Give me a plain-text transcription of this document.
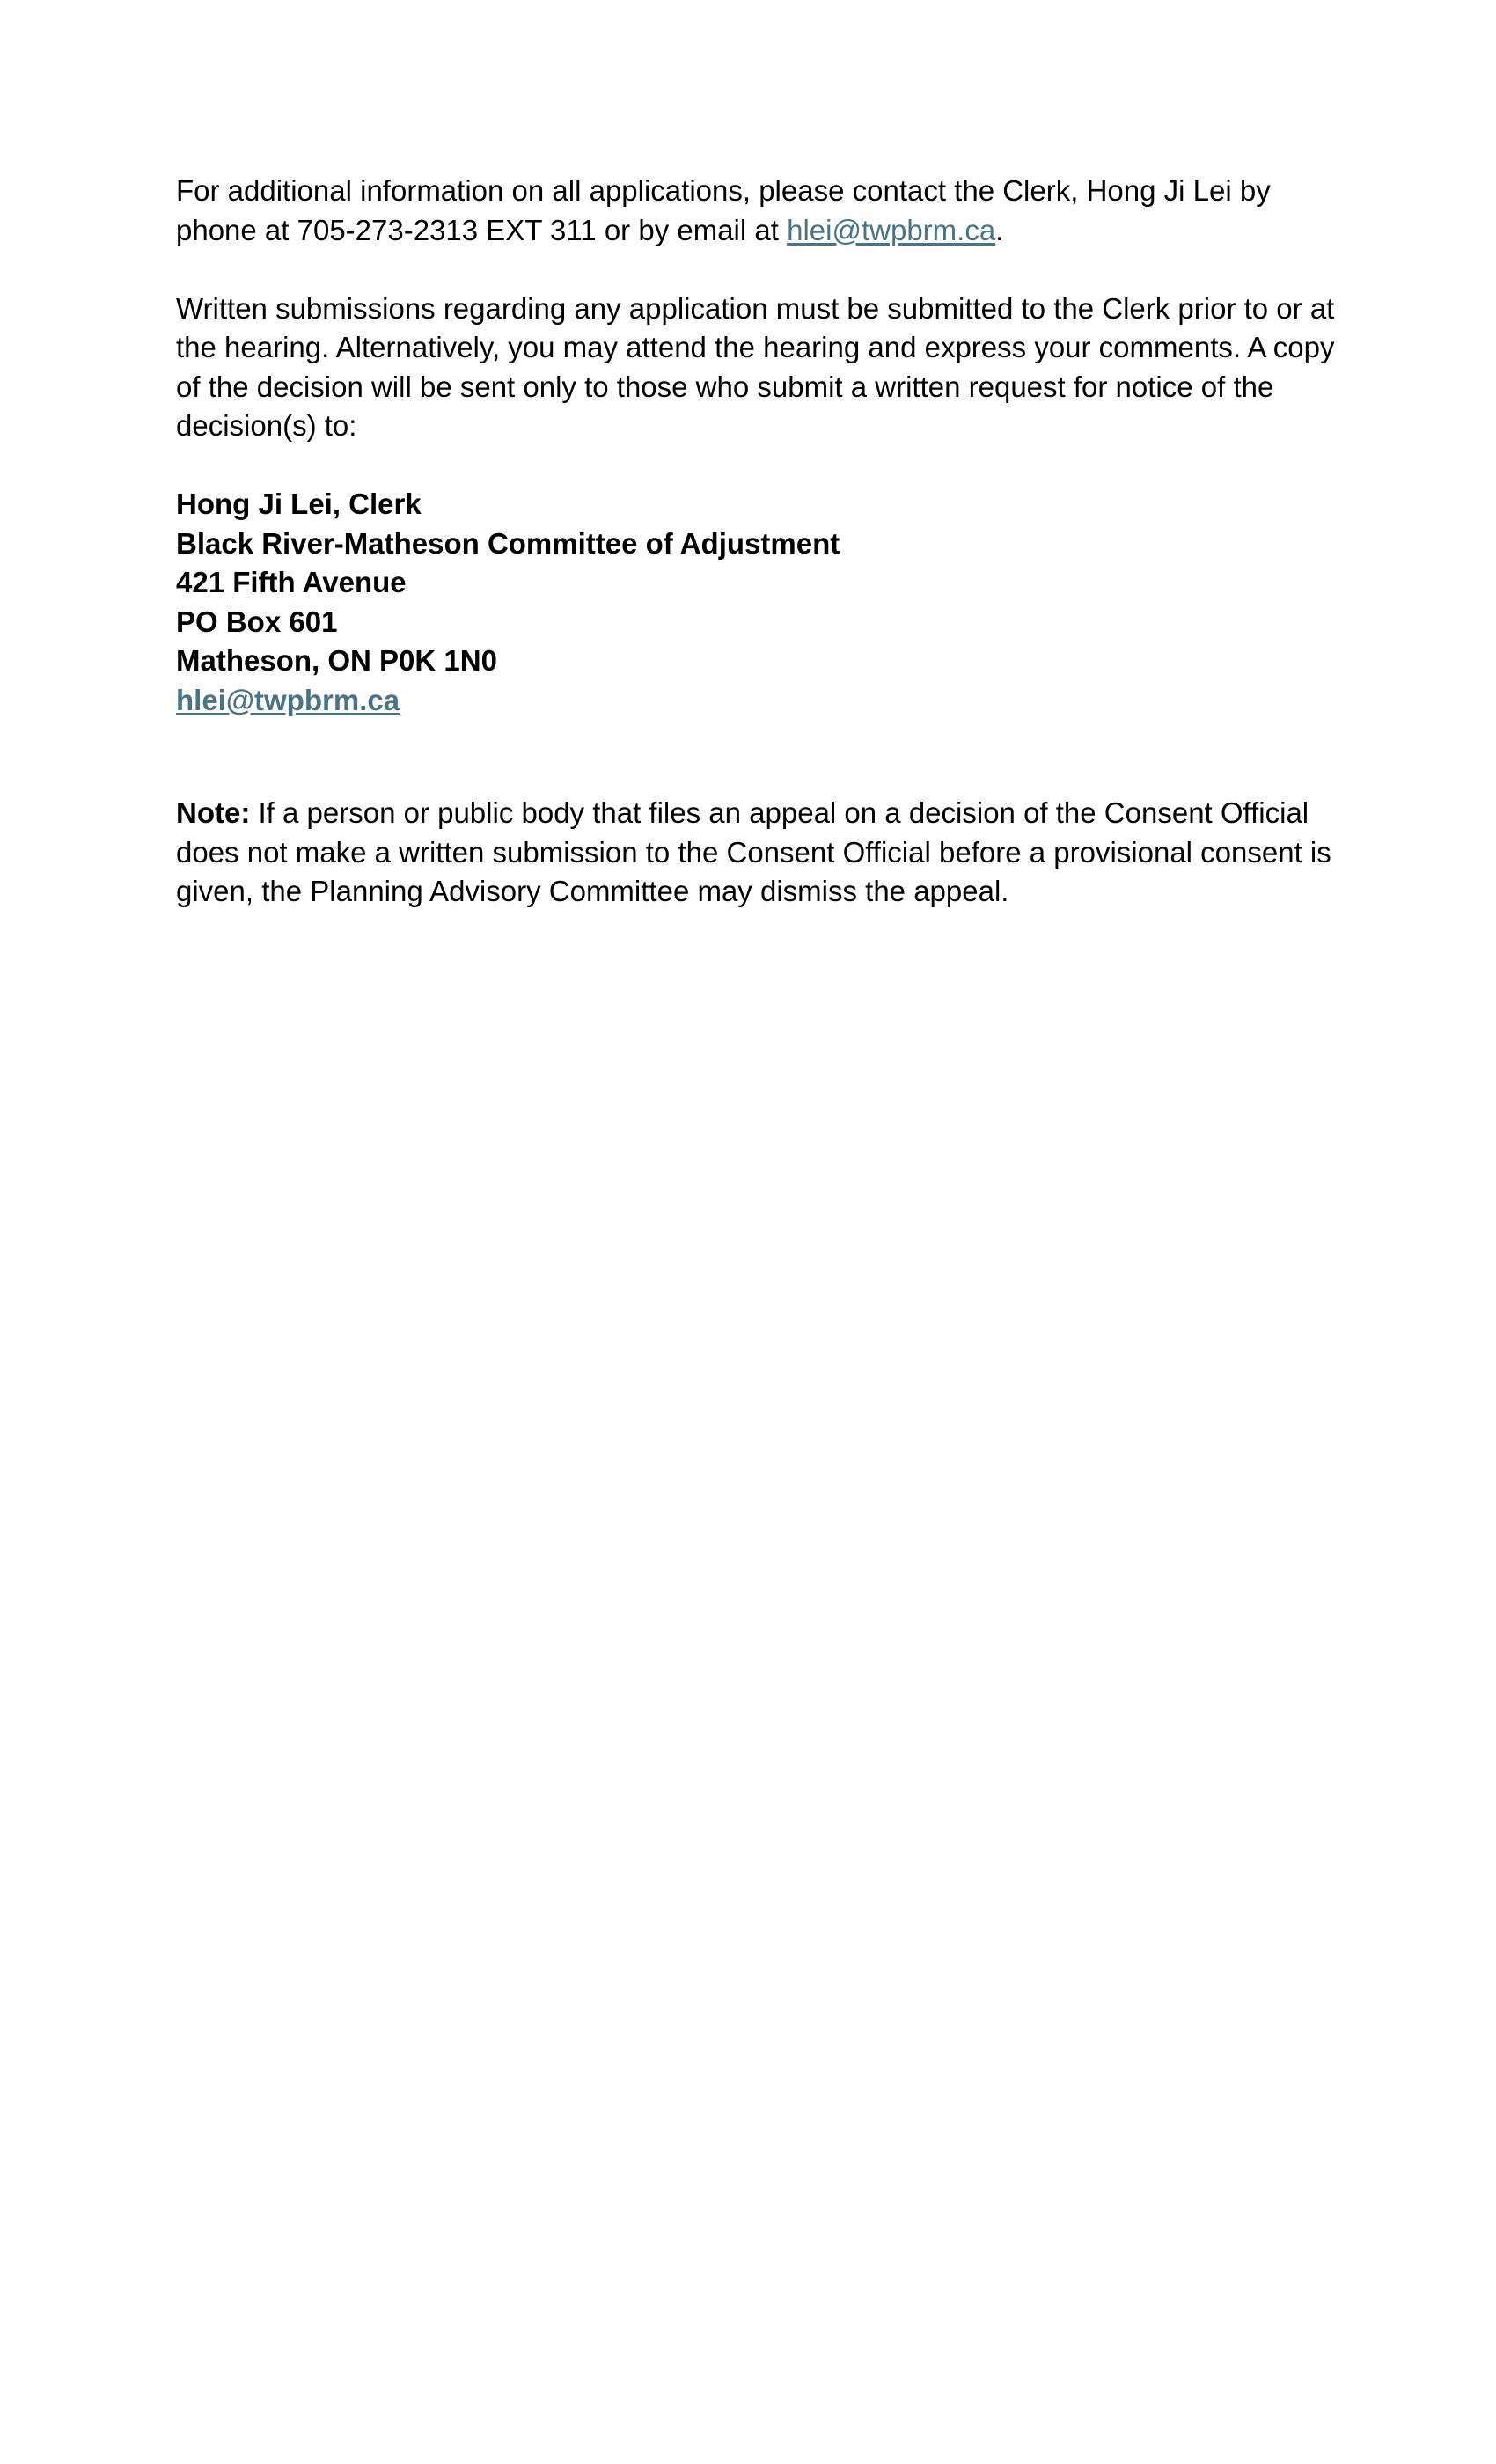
For additional information on all applications, please contact the Clerk, Hong Ji Lei by phone at 705-273-2313 EXT 311 or by email at hlei@twpbrm.ca.

Written submissions regarding any application must be submitted to the Clerk prior to or at the hearing. Alternatively, you may attend the hearing and express your comments. A copy of the decision will be sent only to those who submit a written request for notice of the decision(s) to:

Hong Ji Lei, Clerk
Black River-Matheson Committee of Adjustment
421 Fifth Avenue
PO Box 601
Matheson, ON P0K 1N0
hlei@twpbrm.ca

Note: If a person or public body that files an appeal on a decision of the Consent Official does not make a written submission to the Consent Official before a provisional consent is given, the Planning Advisory Committee may dismiss the appeal.
